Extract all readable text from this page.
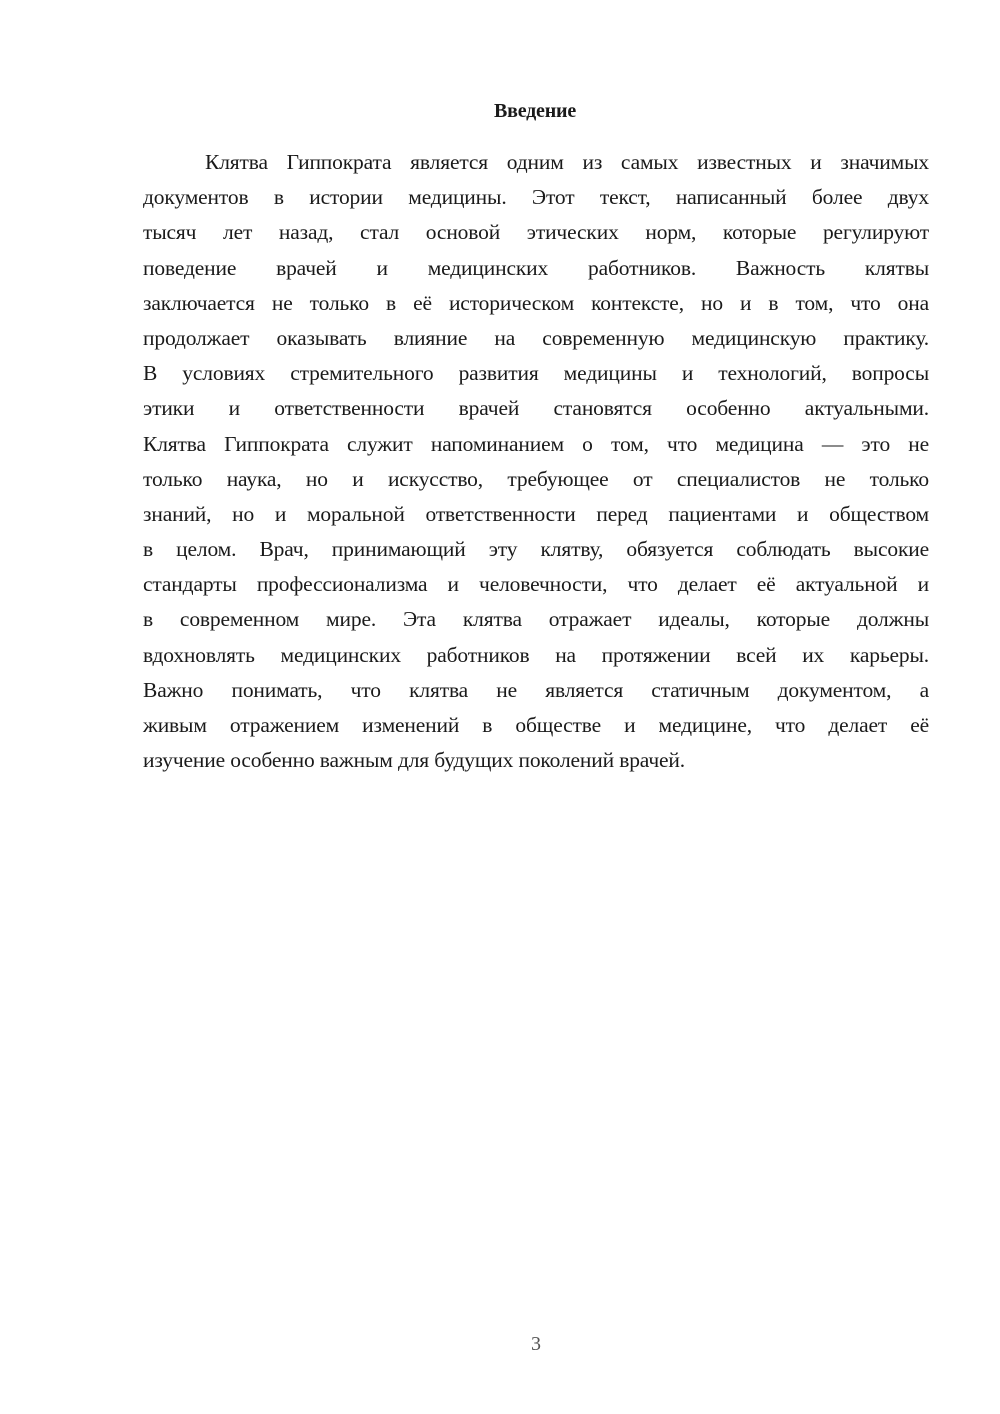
Введение
Клятва Гиппократа является одним из самых известных и значимых
документов в истории медицины. Этот текст, написанный более двух
тысяч лет назад, стал основой этических норм, которые регулируют
поведение врачей и медицинских работников. Важность клятвы
заключается не только в её историческом контексте, но и в том, что она
продолжает оказывать влияние на современную медицинскую практику.
В условиях стремительного развития медицины и технологий, вопросы
этики и ответственности врачей становятся особенно актуальными.
Клятва Гиппократа служит напоминанием о том, что медицина — это не
только наука, но и искусство, требующее от специалистов не только
знаний, но и моральной ответственности перед пациентами и обществом
в целом. Врач, принимающий эту клятву, обязуется соблюдать высокие
стандарты профессионализма и человечности, что делает её актуальной и
в современном мире. Эта клятва отражает идеалы, которые должны
вдохновлять медицинских работников на протяжении всей их карьеры.
Важно понимать, что клятва не является статичным документом, а
живым отражением изменений в обществе и медицине, что делает её
изучение особенно важным для будущих поколений врачей.
3
